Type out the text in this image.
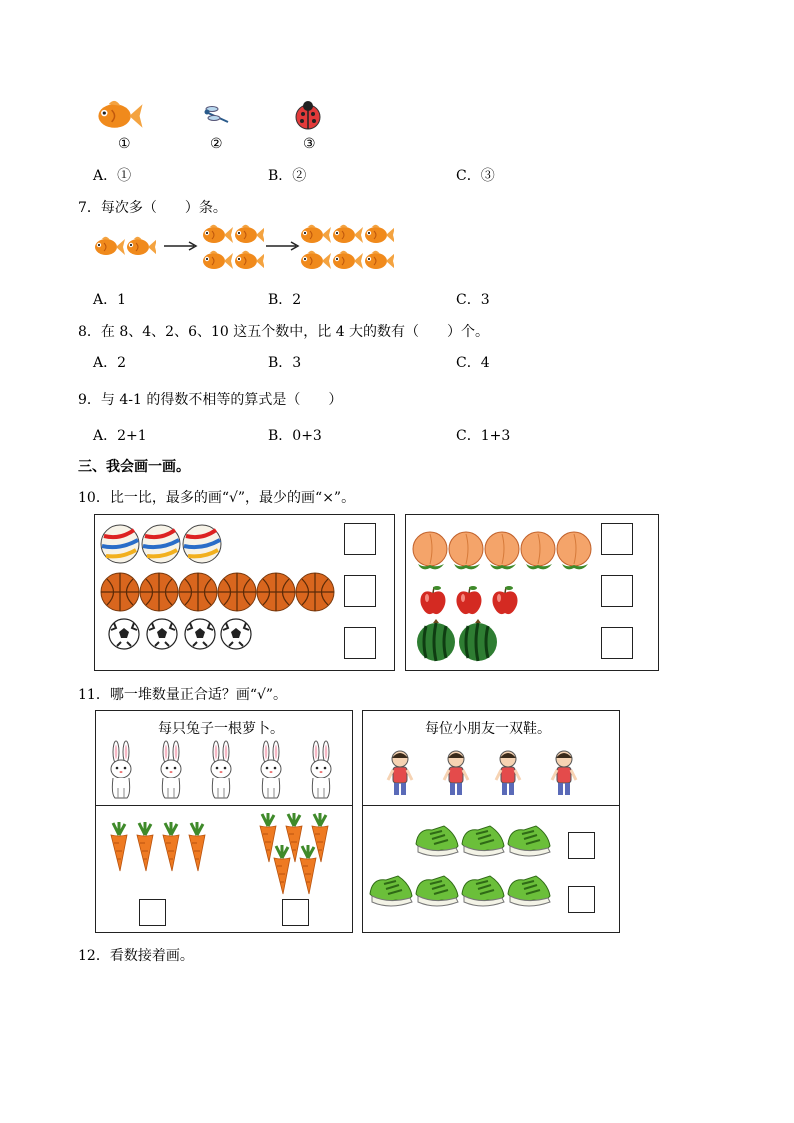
①	②	③
A．①	B．②	C．③
7．每次多（　　）条。
A．1	B．2	C．3
8．在 8、4、2、6、10 这五个数中，比 4 大的数有（　　）个。
A．2	B．3	C．4
9．与 4-1 的得数不相等的算式是（　　）
A．2+1	B．0+3	C．1+3
三、我会画一画。
10．比一比，最多的画“√”，最少的画“×”。
11．哪一堆数量正合适？画“√”。
每只兔子一根萝卜。	每位小朋友一双鞋。
12．看数接着画。
